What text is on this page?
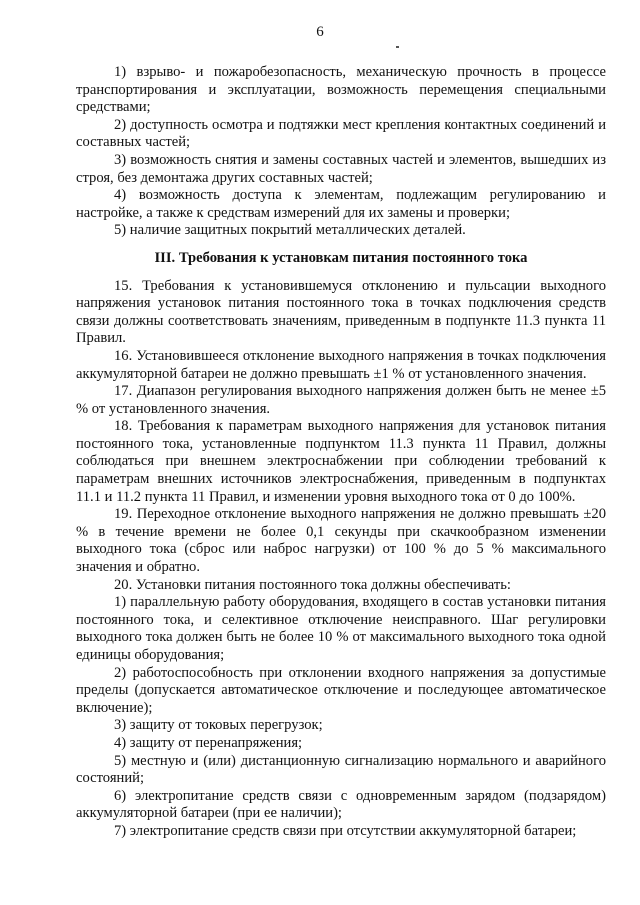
6

1) взрыво- и пожаробезопасность, механическую прочность в процессе транспортирования и эксплуатации, возможность перемещения специальными средствами;

2) доступность осмотра и подтяжки мест крепления контактных соединений и составных частей;

3) возможность снятия и замены составных частей и элементов, вышедших из строя, без демонтажа других составных частей;

4) возможность доступа к элементам, подлежащим регулированию и настройке, а также к средствам измерений для их замены и проверки;

5) наличие защитных покрытий металлических деталей.

III. Требования к установкам питания постоянного тока

15. Требования к установившемуся отклонению и пульсации выходного напряжения установок питания постоянного тока в точках подключения средств связи должны соответствовать значениям, приведенным в подпункте 11.3 пункта 11 Правил.

16. Установившееся отклонение выходного напряжения в точках подключения аккумуляторной батареи не должно превышать ±1 % от установленного значения.

17. Диапазон регулирования выходного напряжения должен быть не менее ±5 % от установленного значения.

18. Требования к параметрам выходного напряжения для установок питания постоянного тока, установленные подпунктом 11.3 пункта 11 Правил, должны соблюдаться при внешнем электроснабжении при соблюдении требований к параметрам внешних источников электроснабжения, приведенным в подпунктах 11.1 и 11.2 пункта 11 Правил, и изменении уровня выходного тока от 0 до 100%.

19. Переходное отклонение выходного напряжения не должно превышать ±20 % в течение времени не более 0,1 секунды при скачкообразном изменении выходного тока (сброс или наброс нагрузки) от 100 % до 5 % максимального значения и обратно.

20. Установки питания постоянного тока должны обеспечивать:

1) параллельную работу оборудования, входящего в состав установки питания постоянного тока, и селективное отключение неисправного. Шаг регулировки выходного тока должен быть не более 10 % от максимального выходного тока одной единицы оборудования;

2) работоспособность при отклонении входного напряжения за допустимые пределы (допускается автоматическое отключение и последующее автоматическое включение);

3) защиту от токовых перегрузок;

4) защиту от перенапряжения;

5) местную и (или) дистанционную сигнализацию нормального и аварийного состояний;

6) электропитание средств связи с одновременным зарядом (подзарядом) аккумуляторной батареи (при ее наличии);

7) электропитание средств связи при отсутствии аккумуляторной батареи;
